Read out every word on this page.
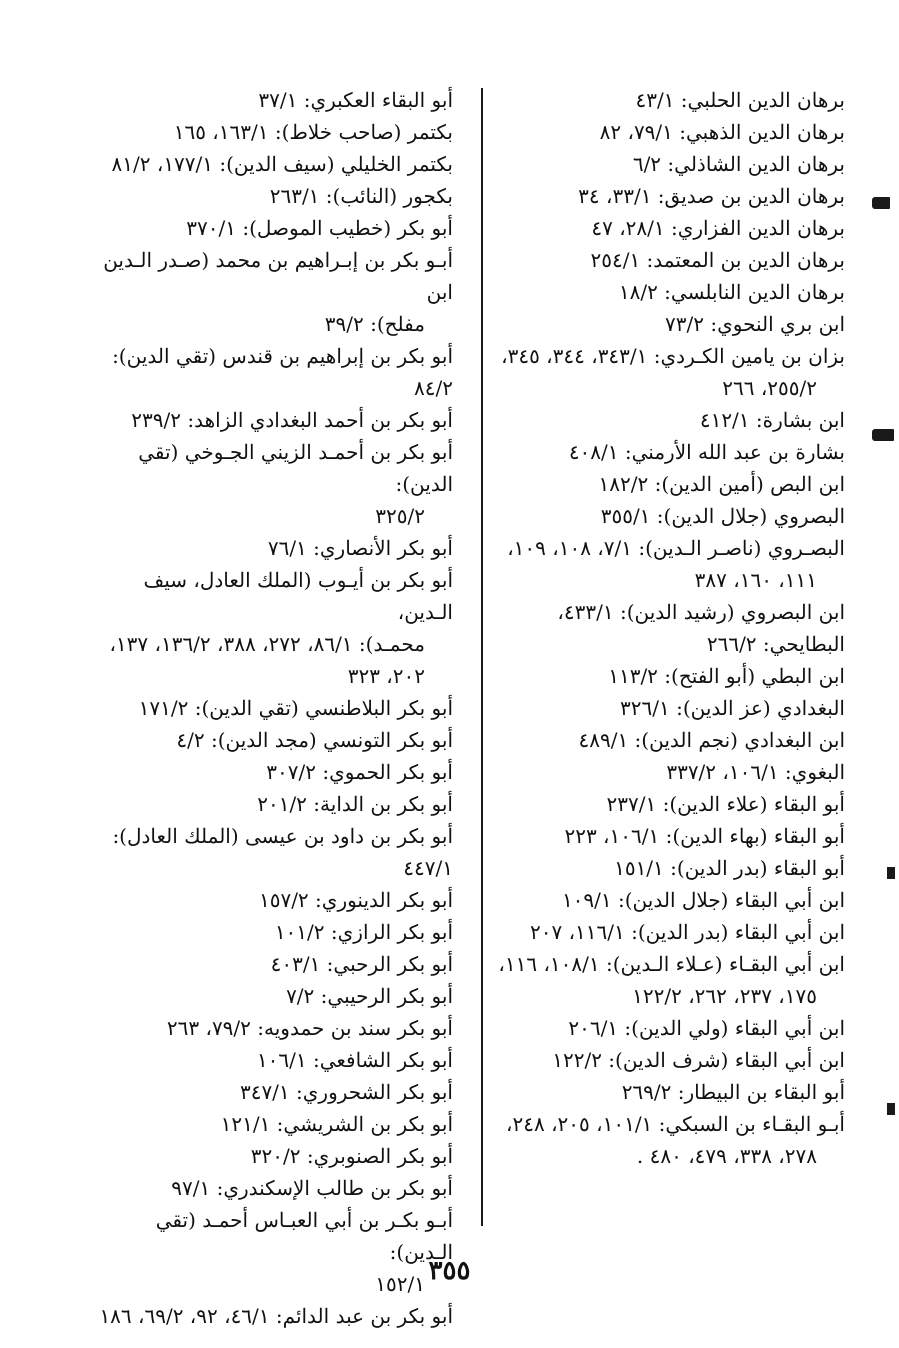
برهان الدين الحلبي: ٤٣/١
برهان الدين الذهبي: ٧٩/١، ٨٢
برهان الدين الشاذلي: ٦/٢
برهان الدين بن صديق: ٣٣/١، ٣٤
برهان الدين الفزاري: ٢٨/١، ٤٧
برهان الدين بن المعتمد: ٢٥٤/١
برهان الدين النابلسي: ١٨/٢
ابن بري النحوي: ٧٣/٢
بزان بن يامين الكـردي: ٣٤٣/١، ٣٤٤، ٣٤٥،
٢٥٥/٢، ٢٦٦
ابن بشارة: ٤١٢/١
بشارة بن عبد الله الأرمني: ٤٠٨/١
ابن البص (أمين الدين): ١٨٢/٢
البصروي (جلال الدين): ٣٥٥/١
البصـروي (ناصـر الـدين): ٧/١، ١٠٨، ١٠٩،
١١١، ١٦٠، ٣٨٧
ابن البصروي (رشيد الدين): ٤٣٣/١،
البطايحي: ٢٦٦/٢
ابن البطي (أبو الفتح): ١١٣/٢
البغدادي (عز الدين): ٣٢٦/١
ابن البغدادي (نجم الدين): ٤٨٩/١
البغوي: ١٠٦/١، ٣٣٧/٢
أبو البقاء (علاء الدين): ٢٣٧/١
أبو البقاء (بهاء الدين): ١٠٦/١، ٢٢٣
أبو البقاء (بدر الدين): ١٥١/١
ابن أبي البقاء (جلال الدين): ١٠٩/١
ابن أبي البقاء (بدر الدين): ١١٦/١، ٢٠٧
ابن أبي البقـاء (عـلاء الـدين): ١٠٨/١، ١١٦،
١٧٥، ٢٣٧، ٢٦٢، ١٢٢/٢
ابن أبي البقاء (ولي الدين): ٢٠٦/١
ابن أبي البقاء (شرف الدين): ١٢٢/٢
أبو البقاء بن البيطار: ٢٦٩/٢
أبـو البقـاء بن السبكي: ١٠١/١، ٢٠٥، ٢٤٨،
٢٧٨، ٣٣٨، ٤٧٩، ٤٨٠ .
أبو البقاء العكبري: ٣٧/١
بكتمر (صاحب خلاط): ١٦٣/١، ١٦٥
بكتمر الخليلي (سيف الدين): ١٧٧/١، ٨١/٢
بكجور (النائب): ٢٦٣/١
أبو بكر (خطيب الموصل): ٣٧٠/١
أبـو بكر بن إبـراهيم بن محمد (صـدر الـدين ابن
مفلح): ٣٩/٢
أبو بكر بن إبراهيم بن قندس (تقي الدين): ٨٤/٢
أبو بكر بن أحمد البغدادي الزاهد: ٢٣٩/٢
أبو بكر بن أحمـد الزيني الجـوخي (تقي الدين):
٣٢٥/٢
أبو بكر الأنصاري: ٧٦/١
أبو بكر بن أيـوب (الملك العادل، سيف الـدين،
محمـد): ٨٦/١، ٢٧٢، ٣٨٨، ١٣٦/٢، ١٣٧، ٢٠٢، ٣٢٣
أبو بكر البلاطنسي (تقي الدين): ١٧١/٢
أبو بكر التونسي (مجد الدين): ٤/٢
أبو بكر الحموي: ٣٠٧/٢
أبو بكر بن الداية: ٢٠١/٢
أبو بكر بن داود بن عيسى (الملك العادل): ٤٤٧/١
أبو بكر الدينوري: ١٥٧/٢
أبو بكر الرازي: ١٠١/٢
أبو بكر الرحبي: ٤٠٣/١
أبو بكر الرحيبي: ٧/٢
أبو بكر سند بن حمدويه: ٧٩/٢، ٢٦٣
أبو بكر الشافعي: ١٠٦/١
أبو بكر الشحروري: ٣٤٧/١
أبو بكر بن الشريشي: ١٢١/١
أبو بكر الصنوبري: ٣٢٠/٢
أبو بكر بن طالب الإسكندري: ٩٧/١
أبـو بكـر بن أبي العبـاس أحمـد (تقي الـدين):
١٥٢/١
أبو بكر بن عبد الدائم: ٤٦/١، ٩٢، ٦٩/٢، ١٨٦
٣٥٥
